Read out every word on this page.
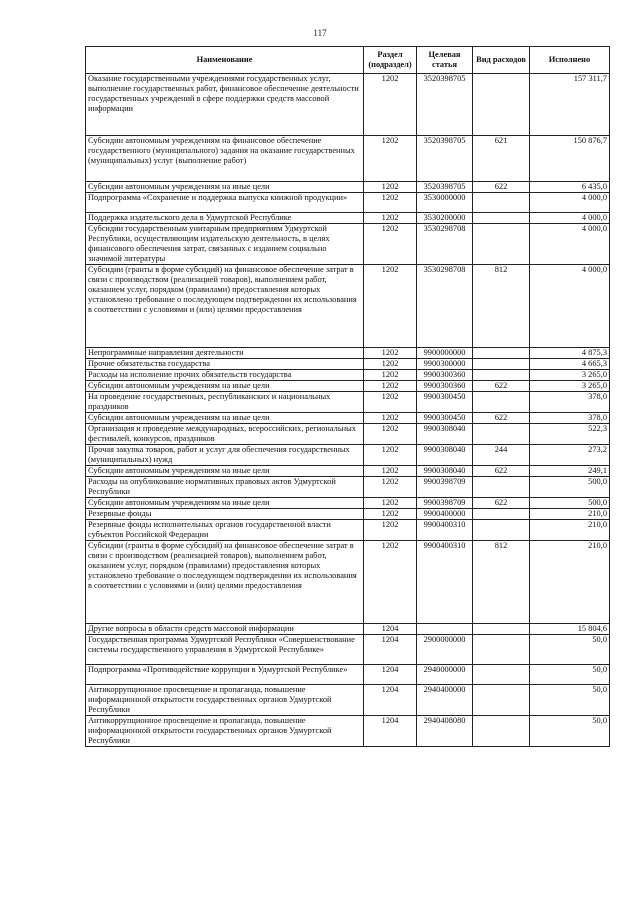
117
Наименование	Раздел (подраздел)	Целевая статья	Вид расходов	Исполнено
Оказание государственными учреждениями государственных услуг, выполнение государственных работ, финансовое обеспечение деятельности государственных учреждений в сфере поддержки средств массовой информации	1202	3520398705		157 311,7
Субсидии автономным учреждениям на финансовое обеспечение государственного (муниципального) задания на оказание государственных (муниципальных) услуг (выполнение работ)	1202	3520398705	621	150 876,7
Субсидии автономным учреждениям на иные цели	1202	3520398705	622	6 435,0
Подпрограмма «Сохранение и поддержка выпуска книжной продукции»	1202	3530000000		4 000,0
Поддержка издательского дела в Удмуртской Республике	1202	3530200000		4 000,0
Субсидии государственным унитарным предприятиям Удмуртской Республики, осуществляющим издательскую деятельность, в целях финансового обеспечения затрат, связанных с изданием социально значимой литературы	1202	3530298708		4 000,0
Субсидии (гранты в форме субсидий) на финансовое обеспечение затрат в связи с производством (реализацией товаров), выполнением работ, оказанием услуг, порядком (правилами) предоставления которых установлено требование о последующем подтверждении их использования в соответствии с условиями и (или) целями предоставления	1202	3530298708	812	4 000,0
Непрограммные направления деятельности	1202	9900000000		4 875,3
Прочие обязательства государства	1202	9900300000		4 665,3
Расходы на исполнение прочих обязательств государства	1202	9900300360		3 265,0
Субсидии автономным учреждениям на иные цели	1202	9900300360	622	3 265,0
На проведение государственных, республиканских и национальных праздников	1202	9900300450		378,0
Субсидии автономным учреждениям на иные цели	1202	9900300450	622	378,0
Организация и проведение международных, всероссийских, региональных фестивалей, конкурсов, праздников	1202	9900308040		522,3
Прочая закупка товаров, работ и услуг для обеспечения государственных (муниципальных) нужд	1202	9900308040	244	273,2
Субсидии автономным учреждениям на иные цели	1202	9900308040	622	249,1
Расходы на опубликование нормативных правовых актов Удмуртской Республики	1202	9900398709		500,0
Субсидии автономным учреждениям на иные цели	1202	9900398709	622	500,0
Резервные фонды	1202	9900400000		210,0
Резервные фонды исполнительных органов государственной власти субъектов Российской Федерации	1202	9900400310		210,0
Субсидии (гранты в форме субсидий) на финансовое обеспечение затрат в связи с производством (реализацией товаров), выполнением работ, оказанием услуг, порядком (правилами) предоставления которых установлено требование о последующем подтверждении их использования в соответствии с условиями и (или) целями предоставления	1202	9900400310	812	210,0
Другие вопросы в области средств массовой информации	1204			15 804,6
Государственная программа Удмуртской Республики «Совершенствование системы государственного управления в Удмуртской Республике»	1204	2900000000		50,0
Подпрограмма «Противодействие коррупции в Удмуртской Республике»	1204	2940000000		50,0
Антикоррупционное просвещение и пропаганда, повышение информационной открытости государственных органов Удмуртской Республики	1204	2940400000		50,0
Антикоррупционное просвещение и пропаганда, повышение информационной открытости государственных органов Удмуртской Республики	1204	2940408080		50,0
